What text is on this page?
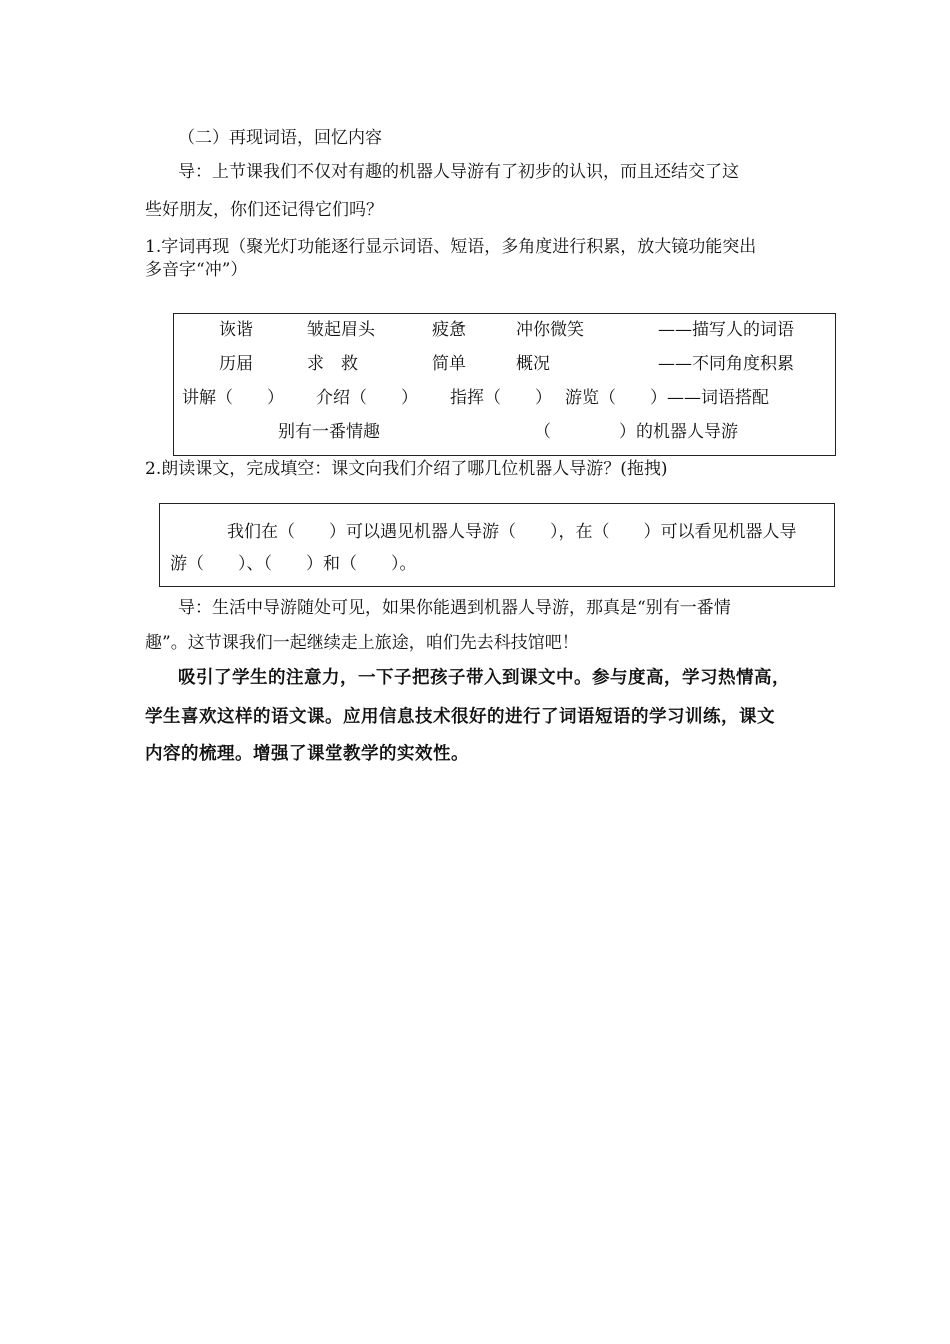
（二）再现词语，回忆内容
导：上节课我们不仅对有趣的机器人导游有了初步的认识，而且还结交了这
些好朋友，你们还记得它们吗？
1.字词再现（聚光灯功能逐行显示词语、短语，多角度进行积累，放大镜功能突出
多音字“冲”）
诙谐	皱起眉头	疲惫	冲你微笑	——描写人的词语
历届	求　救	简单	概况	——不同角度积累
讲解（　　） 介绍（　　） 指挥（　　） 游览（　　）——词语搭配
别有一番情趣	（　　　　）的机器人导游
2.朗读课文，完成填空：课文向我们介绍了哪几位机器人导游？(拖拽)
我们在（　　）可以遇见机器人导游（　　），在（　　）可以看见机器人导
游（　　）、（　　）和（　　）。
导：生活中导游随处可见，如果你能遇到机器人导游，那真是“别有一番情
趣”。这节课我们一起继续走上旅途，咱们先去科技馆吧！
吸引了学生的注意力，一下子把孩子带入到课文中。参与度高，学习热情高，
学生喜欢这样的语文课。应用信息技术很好的进行了词语短语的学习训练，课文
内容的梳理。增强了课堂教学的实效性。
